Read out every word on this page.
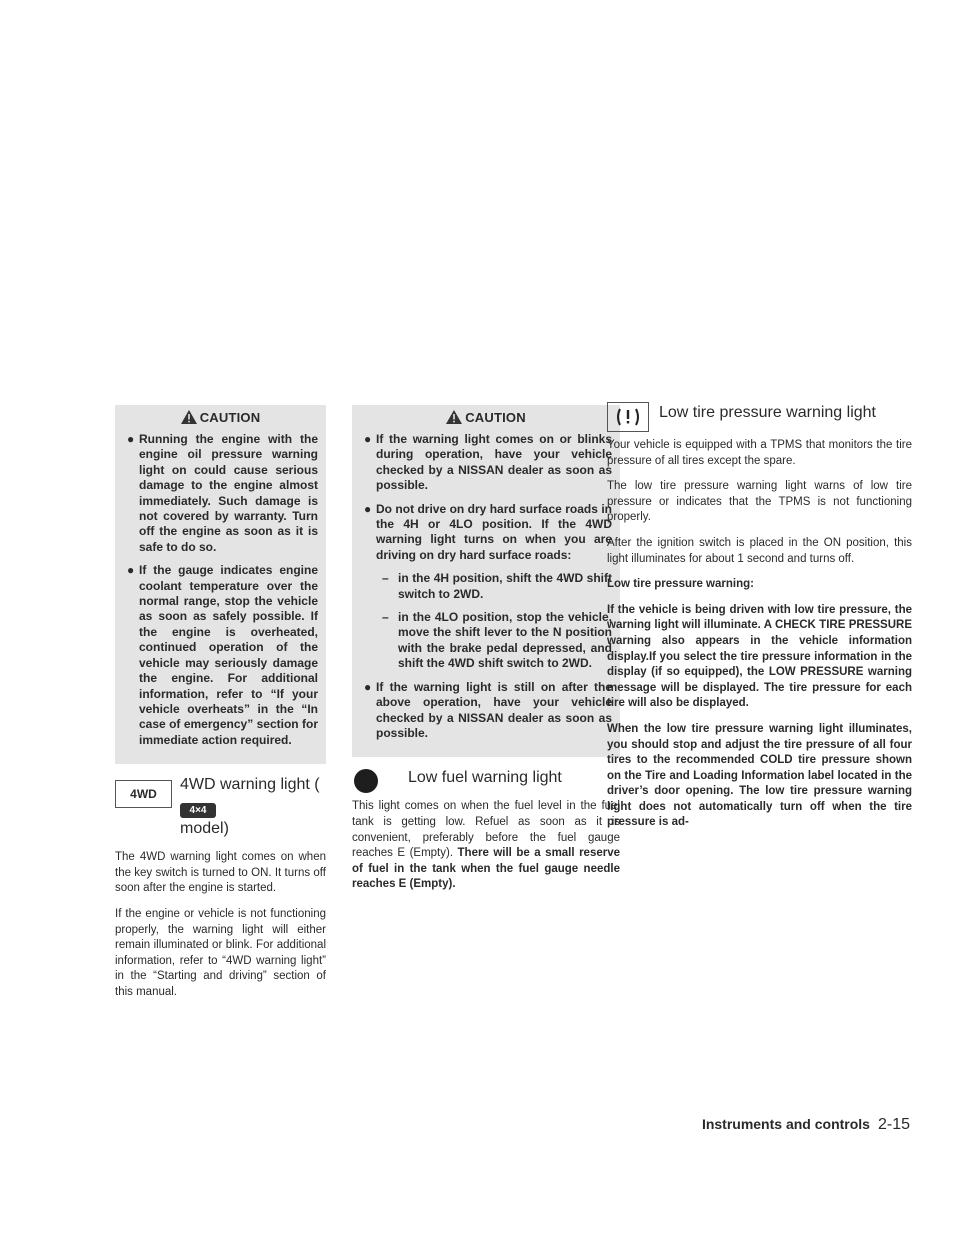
CAUTION
● Running the engine with the engine oil pressure warning light on could cause serious damage to the engine almost immediately. Such damage is not covered by warranty. Turn off the engine as soon as it is safe to do so.
● If the gauge indicates engine coolant temperature over the normal range, stop the vehicle as soon as safely possible. If the engine is overheated, continued operation of the vehicle may seriously damage the engine. For additional information, refer to “If your vehicle overheats” in the “In case of emergency” section for immediate action required.
4WD
4WD warning light (4×4
model)

The 4WD warning light comes on when the key switch is turned to ON. It turns off soon after the engine is started.

If the engine or vehicle is not functioning properly, the warning light will either remain illuminated or blink. For additional information, refer to “4WD warning light” in the “Starting and driving” section of this manual.

CAUTION
● If the warning light comes on or blinks during operation, have your vehicle checked by a NISSAN dealer as soon as possible.
● Do not drive on dry hard surface roads in the 4H or 4LO position. If the 4WD warning light turns on when you are driving on dry hard surface roads:
– in the 4H position, shift the 4WD shift switch to 2WD.
– in the 4LO position, stop the vehicle, move the shift lever to the N position with the brake pedal depressed, and shift the 4WD shift switch to 2WD.
● If the warning light is still on after the above operation, have your vehicle checked by a NISSAN dealer as soon as possible.
Low fuel warning light

This light comes on when the fuel level in the fuel tank is getting low. Refuel as soon as it is convenient, preferably before the fuel gauge reaches E (Empty). There will be a small reserve of fuel in the tank when the fuel gauge needle reaches E (Empty).

Low tire pressure warning light

Your vehicle is equipped with a TPMS that monitors the tire pressure of all tires except the spare.

The low tire pressure warning light warns of low tire pressure or indicates that the TPMS is not functioning properly.

After the ignition switch is placed in the ON position, this light illuminates for about 1 second and turns off.

Low tire pressure warning:

If the vehicle is being driven with low tire pressure, the warning light will illuminate. A CHECK TIRE PRESSURE warning also appears in the vehicle information display.If you select the tire pressure information in the display (if so equipped), the LOW PRESSURE warning message will be displayed. The tire pressure for each tire will also be displayed.

When the low tire pressure warning light illuminates, you should stop and adjust the tire pressure of all four tires to the recommended COLD tire pressure shown on the Tire and Loading Information label located in the driver’s door opening. The low tire pressure warning light does not automatically turn off when the tire pressure is ad-

Instruments and controls 2-15
